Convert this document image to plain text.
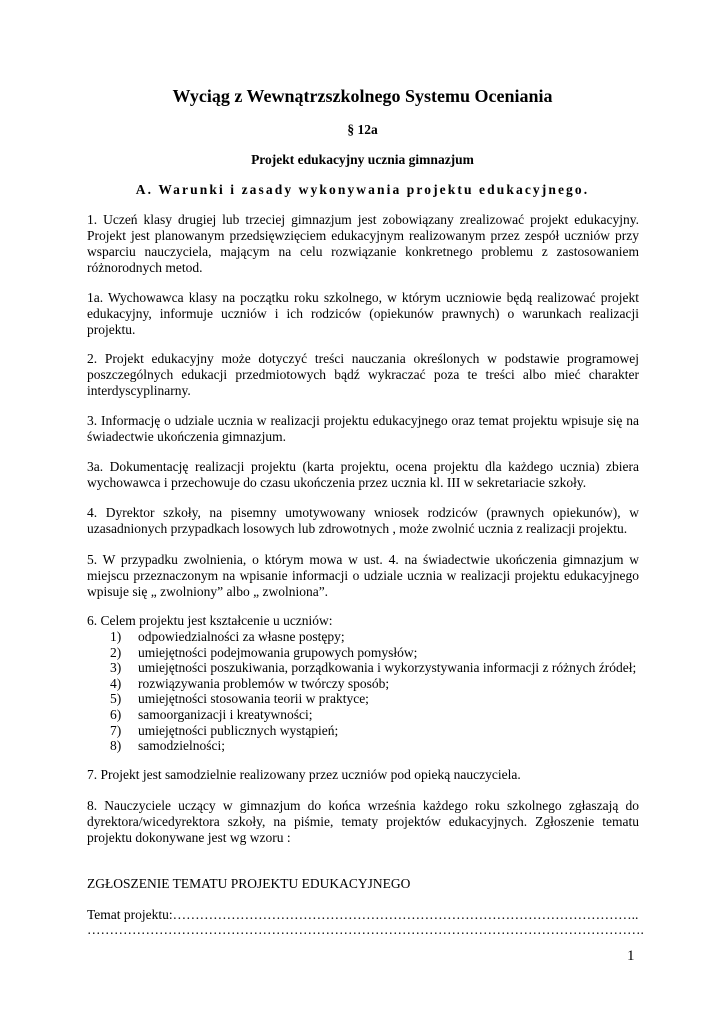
Wyciąg z Wewnątrzszkolnego Systemu Oceniania
§ 12a
Projekt edukacyjny ucznia gimnazjum
A. Warunki i zasady wykonywania projektu edukacyjnego.

1. Uczeń klasy drugiej lub trzeciej gimnazjum jest zobowiązany zrealizować projekt edukacyjny. Projekt jest planowanym przedsięwzięciem edukacyjnym realizowanym przez zespół uczniów przy wsparciu nauczyciela, mającym na celu rozwiązanie konkretnego problemu z zastosowaniem różnorodnych metod.

1a. Wychowawca klasy na początku roku szkolnego, w którym uczniowie będą realizować projekt edukacyjny, informuje uczniów i ich rodziców (opiekunów prawnych) o warunkach realizacji projektu.

2. Projekt edukacyjny może dotyczyć treści nauczania określonych w podstawie programowej poszczególnych edukacji przedmiotowych bądź wykraczać poza te treści albo mieć charakter interdyscyplinarny.

3. Informację o udziale ucznia w realizacji projektu edukacyjnego oraz temat projektu wpisuje się na świadectwie ukończenia gimnazjum.

3a. Dokumentację realizacji projektu (karta projektu, ocena projektu dla każdego ucznia) zbiera wychowawca i przechowuje do czasu ukończenia przez ucznia kl. III w sekretariacie szkoły.

4. Dyrektor szkoły, na pisemny umotywowany wniosek rodziców (prawnych opiekunów), w uzasadnionych przypadkach losowych lub zdrowotnych , może zwolnić ucznia z realizacji projektu.

5. W przypadku zwolnienia, o którym mowa w ust. 4. na świadectwie ukończenia gimnazjum w miejscu przeznaczonym na wpisanie informacji o udziale ucznia w realizacji projektu edukacyjnego wpisuje się „ zwolniony” albo „ zwolniona”.

6. Celem projektu jest kształcenie u uczniów:

1)	odpowiedzialności za własne postępy;
2)	umiejętności podejmowania grupowych pomysłów;
3)	umiejętności poszukiwania, porządkowania i wykorzystywania informacji z różnych źródeł;
4)	rozwiązywania problemów w twórczy sposób;
5)	umiejętności stosowania teorii w praktyce;
6)	samoorganizacji i kreatywności;
7)	umiejętności publicznych wystąpień;
8)	samodzielności;

7. Projekt jest samodzielnie realizowany przez uczniów pod opieką nauczyciela.

8. Nauczyciele uczący w gimnazjum do końca września każdego roku szkolnego zgłaszają do dyrektora/wicedyrektora szkoły, na piśmie, tematy projektów edukacyjnych. Zgłoszenie tematu projektu dokonywane jest wg wzoru :

ZGŁOSZENIE TEMATU PROJEKTU EDUKACYJNEGO
Temat projektu:…………………………………………………………………………………………..
…………………………………………………………………………………………………………….
1
